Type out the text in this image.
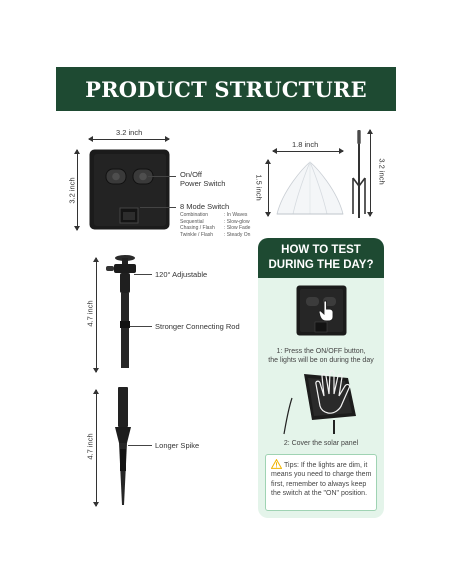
PRODUCT STRUCTURE
3.2 inch
3.2 inch
On/Off
Power Switch
8 Mode Switch
Combination
Sequential
Chasing / Flash
Twinkle / Flash
: In Waves
: Slow-glow
: Slow Fade
: Steady On
1.8 inch
1.5 inch
3.2 inch
4.7 inch
120° Adjustable
Stronger Connecting Rod
4.7 inch	Longer Spike
HOW TO TEST
DURING THE DAY?
1: Press the ON/OFF button,
the lights will be on during the day
2: Cover the solar panel
Tips: If the lights are dim, it means you need to charge them first, remember to always keep the switch at the "ON" position.
